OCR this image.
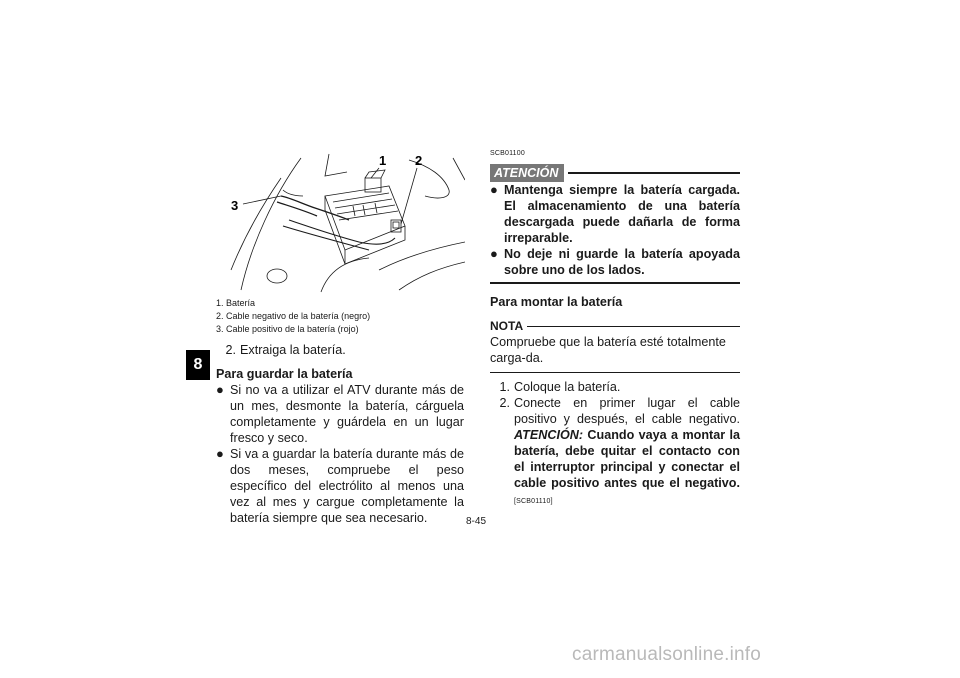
8
1 2
3
1. Batería
2. Cable negativo de la batería (negro)
3. Cable positivo de la batería (rojo)
2. Extraiga la batería.
Para guardar la batería
● Si no va a utilizar el ATV durante más de un mes, desmonte la batería, cárguela completamente y guárdela en un lugar fresco y seco.
● Si va a guardar la batería durante más de dos meses, compruebe el peso específico del electrólito al menos una vez al mes y cargue completamente la batería siempre que sea necesario.
SCB01100
ATENCIÓN
● Mantenga siempre la batería cargada. El almacenamiento de una batería descargada puede dañarla de forma irreparable.
● No deje ni guarde la batería apoyada sobre uno de los lados.
Para montar la batería
NOTA
Compruebe que la batería esté totalmente carga-da.
1. Coloque la batería.
2. Conecte en primer lugar el cable positivo y después, el cable negativo. ATENCIÓN: Cuando vaya a montar la batería, debe quitar el contacto con el interruptor principal y conectar el cable positivo antes que el negativo. [SCB01110]
8-45
carmanualsonline.info
